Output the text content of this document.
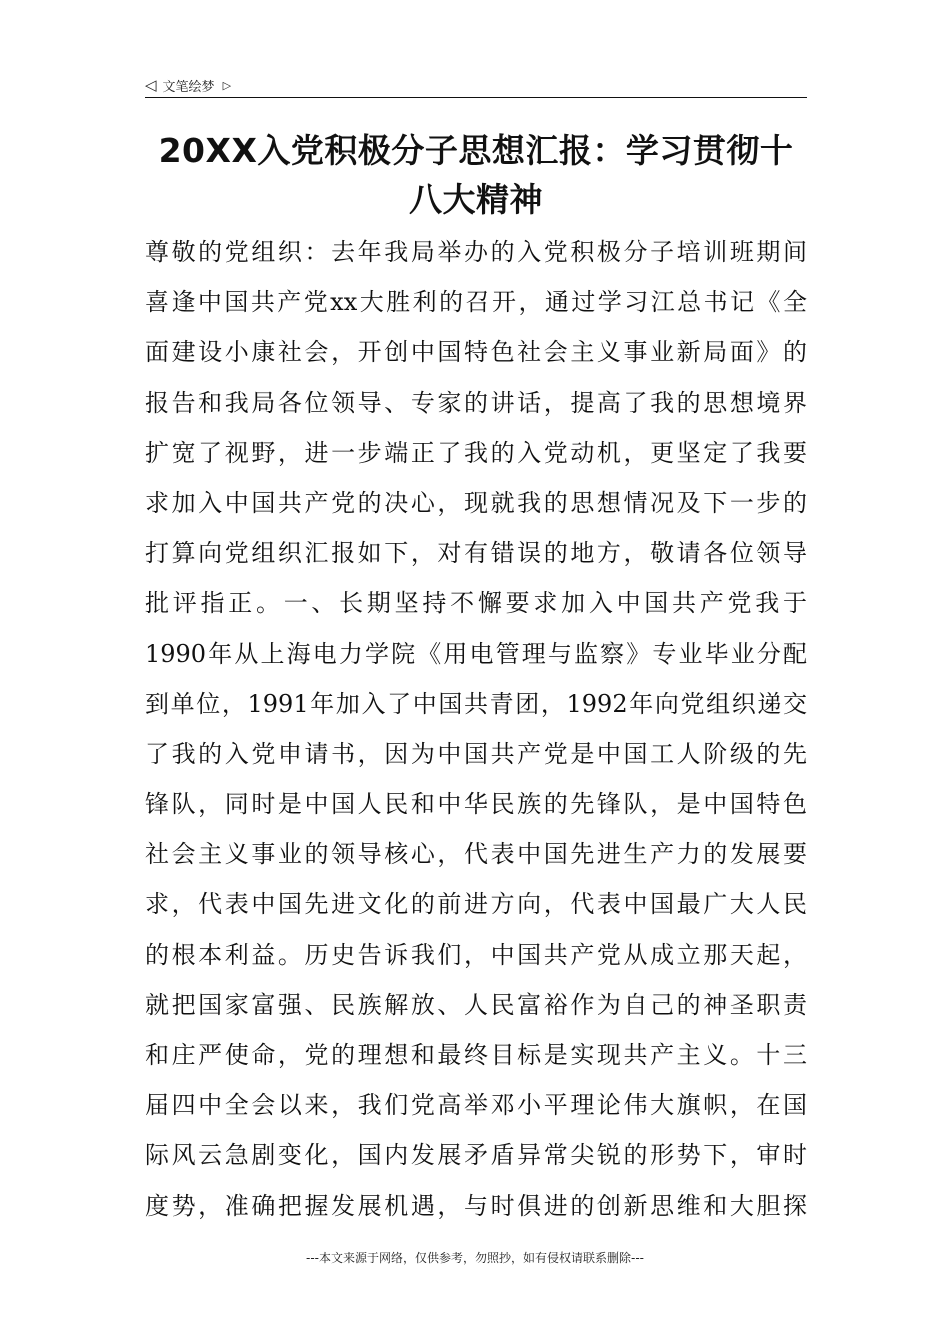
◁ 文笔绘梦 ▷
20XX入党积极分子思想汇报：学习贯彻十
八大精神
尊敬的党组织：去年我局举办的入党积极分子培训班期间
喜逢中国共产党xx大胜利的召开，通过学习江总书记《全
面建设小康社会，开创中国特色社会主义事业新局面》的
报告和我局各位领导、专家的讲话，提高了我的思想境界
扩宽了视野，进一步端正了我的入党动机，更坚定了我要
求加入中国共产党的决心，现就我的思想情况及下一步的
打算向党组织汇报如下，对有错误的地方，敬请各位领导
批评指正。一、长期坚持不懈要求加入中国共产党我于
1990年从上海电力学院《用电管理与监察》专业毕业分配
到单位，1991年加入了中国共青团，1992年向党组织递交
了我的入党申请书，因为中国共产党是中国工人阶级的先
锋队，同时是中国人民和中华民族的先锋队，是中国特色
社会主义事业的领导核心，代表中国先进生产力的发展要
求，代表中国先进文化的前进方向，代表中国最广大人民
的根本利益。历史告诉我们，中国共产党从成立那天起，
就把国家富强、民族解放、人民富裕作为自己的神圣职责
和庄严使命，党的理想和最终目标是实现共产主义。十三
届四中全会以来，我们党高举邓小平理论伟大旗帜，在国
际风云急剧变化，国内发展矛盾异常尖锐的形势下，审时
度势，准确把握发展机遇，与时俱进的创新思维和大胆探
---本文来源于网络，仅供参考，勿照抄，如有侵权请联系删除---
